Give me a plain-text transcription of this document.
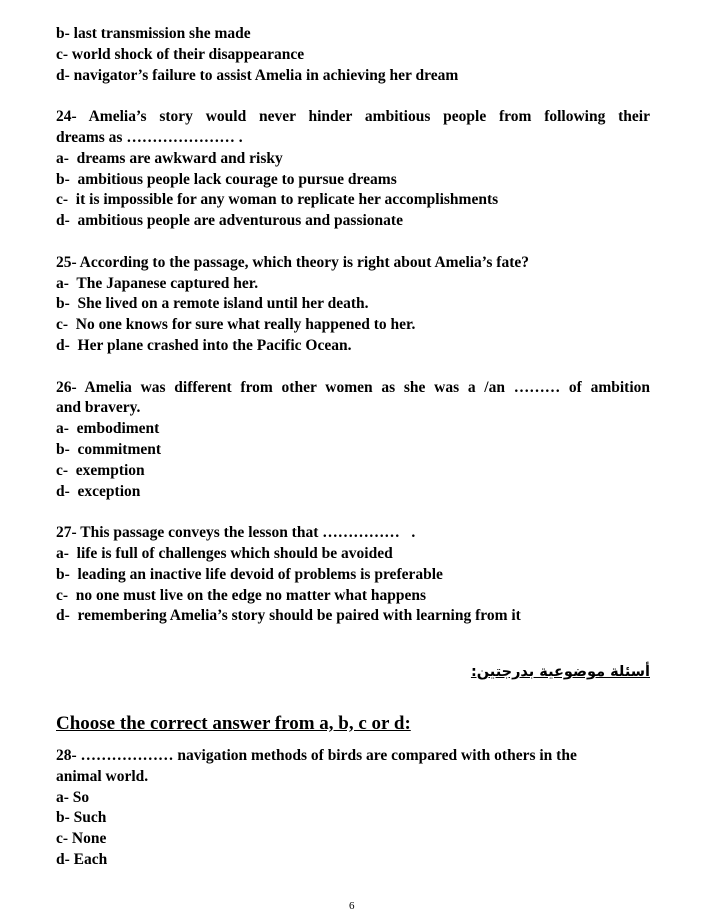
b- last transmission she made
c- world shock of their disappearance
d- navigator’s failure to assist Amelia in achieving her dream
24- Amelia’s story would never hinder ambitious people from following their
dreams as ………………… .
a-  dreams are awkward and risky
b-  ambitious people lack courage to pursue dreams
c-  it is impossible for any woman to replicate her accomplishments
d-  ambitious people are adventurous and passionate
25- According to the passage, which theory is right about Amelia’s fate?
a-  The Japanese captured her.
b-  She lived on a remote island until her death.
c-  No one knows for sure what really happened to her.
d-  Her plane crashed into the Pacific Ocean.
26- Amelia was different from other women as she was a /an ……… of ambition
and bravery.
a-  embodiment
b-  commitment
c-  exemption
d-  exception
27- This passage conveys the lesson that ……………   .
a-  life is full of challenges which should be avoided
b-  leading an inactive life devoid of problems is preferable
c-  no one must live on the edge no matter what happens
d-  remembering Amelia’s story should be paired with learning from it
أسئلة موضوعية بدرجتين:
Choose the correct answer from a, b, c or d:
28- ……………… navigation methods of birds are compared with others in the
animal world.
a- So
b- Such
c- None
d- Each
6
